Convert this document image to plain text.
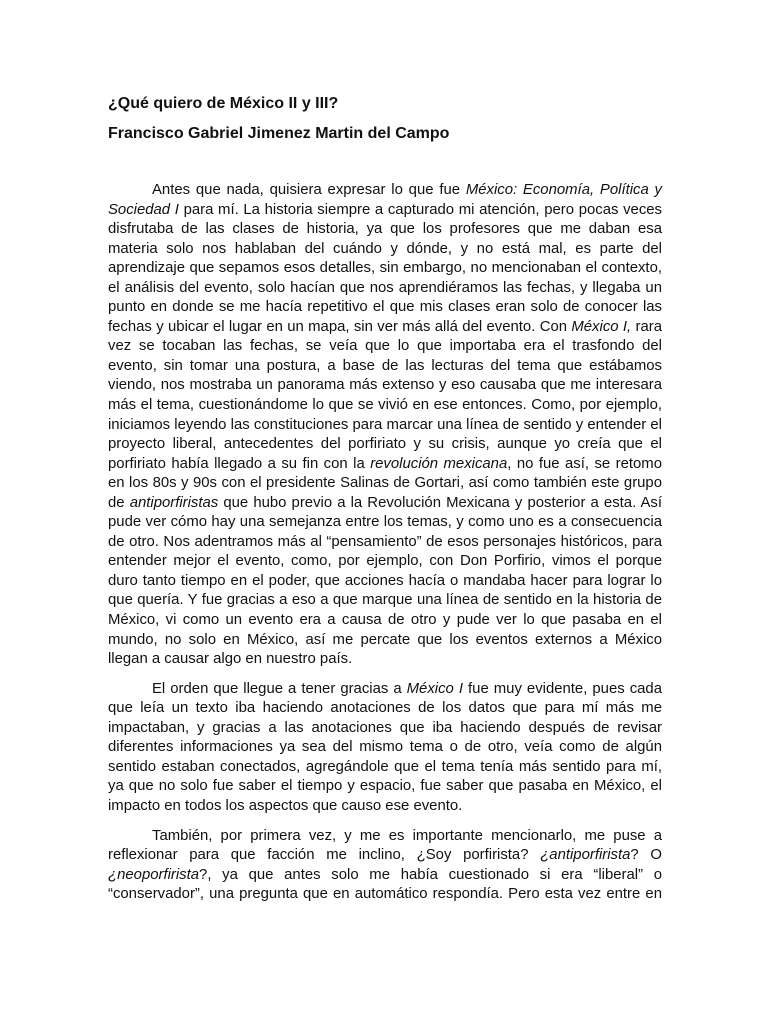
¿Qué quiero de México II y III?
Francisco Gabriel Jimenez Martin del Campo

Antes que nada, quisiera expresar lo que fue México: Economía, Política y Sociedad I para mí. La historia siempre a capturado mi atención, pero pocas veces disfrutaba de las clases de historia, ya que los profesores que me daban esa materia solo nos hablaban del cuándo y dónde, y no está mal, es parte del aprendizaje que sepamos esos detalles, sin embargo, no mencionaban el contexto, el análisis del evento, solo hacían que nos aprendiéramos las fechas, y llegaba un punto en donde se me hacía repetitivo el que mis clases eran solo de conocer las fechas y ubicar el lugar en un mapa, sin ver más allá del evento. Con México I, rara vez se tocaban las fechas, se veía que lo que importaba era el trasfondo del evento, sin tomar una postura, a base de las lecturas del tema que estábamos viendo, nos mostraba un panorama más extenso y eso causaba que me interesara más el tema, cuestionándome lo que se vivió en ese entonces. Como, por ejemplo, iniciamos leyendo las constituciones para marcar una línea de sentido y entender el proyecto liberal, antecedentes del porfiriato y su crisis, aunque yo creía que el porfiriato había llegado a su fin con la revolución mexicana, no fue así, se retomo en los 80s y 90s con el presidente Salinas de Gortari, así como también este grupo de antiporfiristas que hubo previo a la Revolución Mexicana y posterior a esta. Así pude ver cómo hay una semejanza entre los temas, y como uno es a consecuencia de otro. Nos adentramos más al “pensamiento” de esos personajes históricos, para entender mejor el evento, como, por ejemplo, con Don Porfirio, vimos el porque duro tanto tiempo en el poder, que acciones hacía o mandaba hacer para lograr lo que quería. Y fue gracias a eso a que marque una línea de sentido en la historia de México, vi como un evento era a causa de otro y pude ver lo que pasaba en el mundo, no solo en México, así me percate que los eventos externos a México llegan a causar algo en nuestro país.

El orden que llegue a tener gracias a México I fue muy evidente, pues cada que leía un texto iba haciendo anotaciones de los datos que para mí más me impactaban, y gracias a las anotaciones que iba haciendo después de revisar diferentes informaciones ya sea del mismo tema o de otro, veía como de algún sentido estaban conectados, agregándole que el tema tenía más sentido para mí, ya que no solo fue saber el tiempo y espacio, fue saber que pasaba en México, el impacto en todos los aspectos que causo ese evento.

También, por primera vez, y me es importante mencionarlo, me puse a reflexionar para que facción me inclino, ¿Soy porfirista? ¿antiporfirista? O ¿neoporfirista?, ya que antes solo me había cuestionado si era “liberal” o “conservador”, una pregunta que en automático respondía. Pero esta vez entre en
